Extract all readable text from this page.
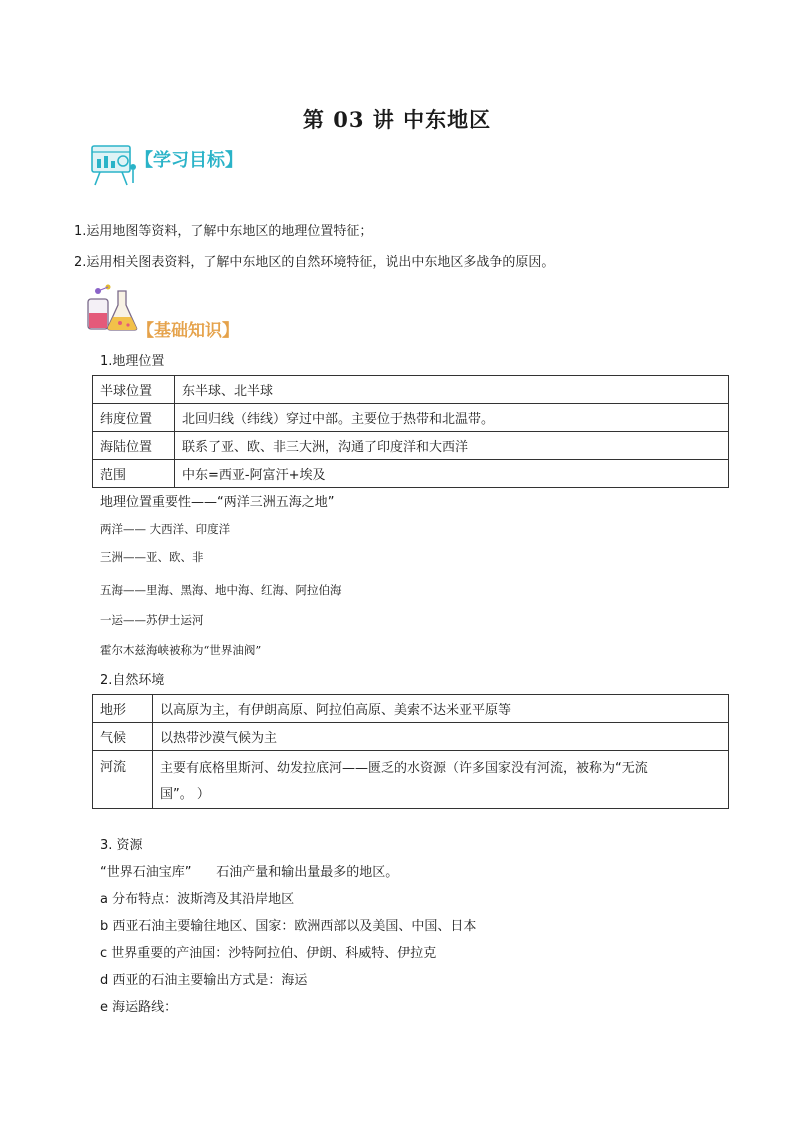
第 03 讲 中东地区
【学习目标】
1.运用地图等资料，了解中东地区的地理位置特征；
2.运用相关图表资料，了解中东地区的自然环境特征，说出中东地区多战争的原因。
【基础知识】
1.地理位置
半球位置	东半球、北半球
纬度位置	北回归线（纬线）穿过中部。主要位于热带和北温带。
海陆位置	联系了亚、欧、非三大洲，沟通了印度洋和大西洋
范围	中东=西亚-阿富汗+埃及
地理位置重要性——“两洋三洲五海之地”
两洋—— 大西洋、印度洋
三洲——亚、欧、非
五海——里海、黑海、地中海、红海、阿拉伯海
一运——苏伊士运河
霍尔木兹海峡被称为“世界油阀”
2.自然环境
地形	以高原为主，有伊朗高原、阿拉伯高原、美索不达米亚平原等
气候	以热带沙漠气候为主
河流	主要有底格里斯河、幼发拉底河——匮乏的水资源（许多国家没有河流，被称为“无流
国”。 ）
3. 资源
“世界石油宝库”      石油产量和输出量最多的地区。
a 分布特点：波斯湾及其沿岸地区
b 西亚石油主要输往地区、国家：欧洲西部以及美国、中国、日本
c 世界重要的产油国：沙特阿拉伯、伊朗、科威特、伊拉克
d 西亚的石油主要输出方式是：海运
e 海运路线：
